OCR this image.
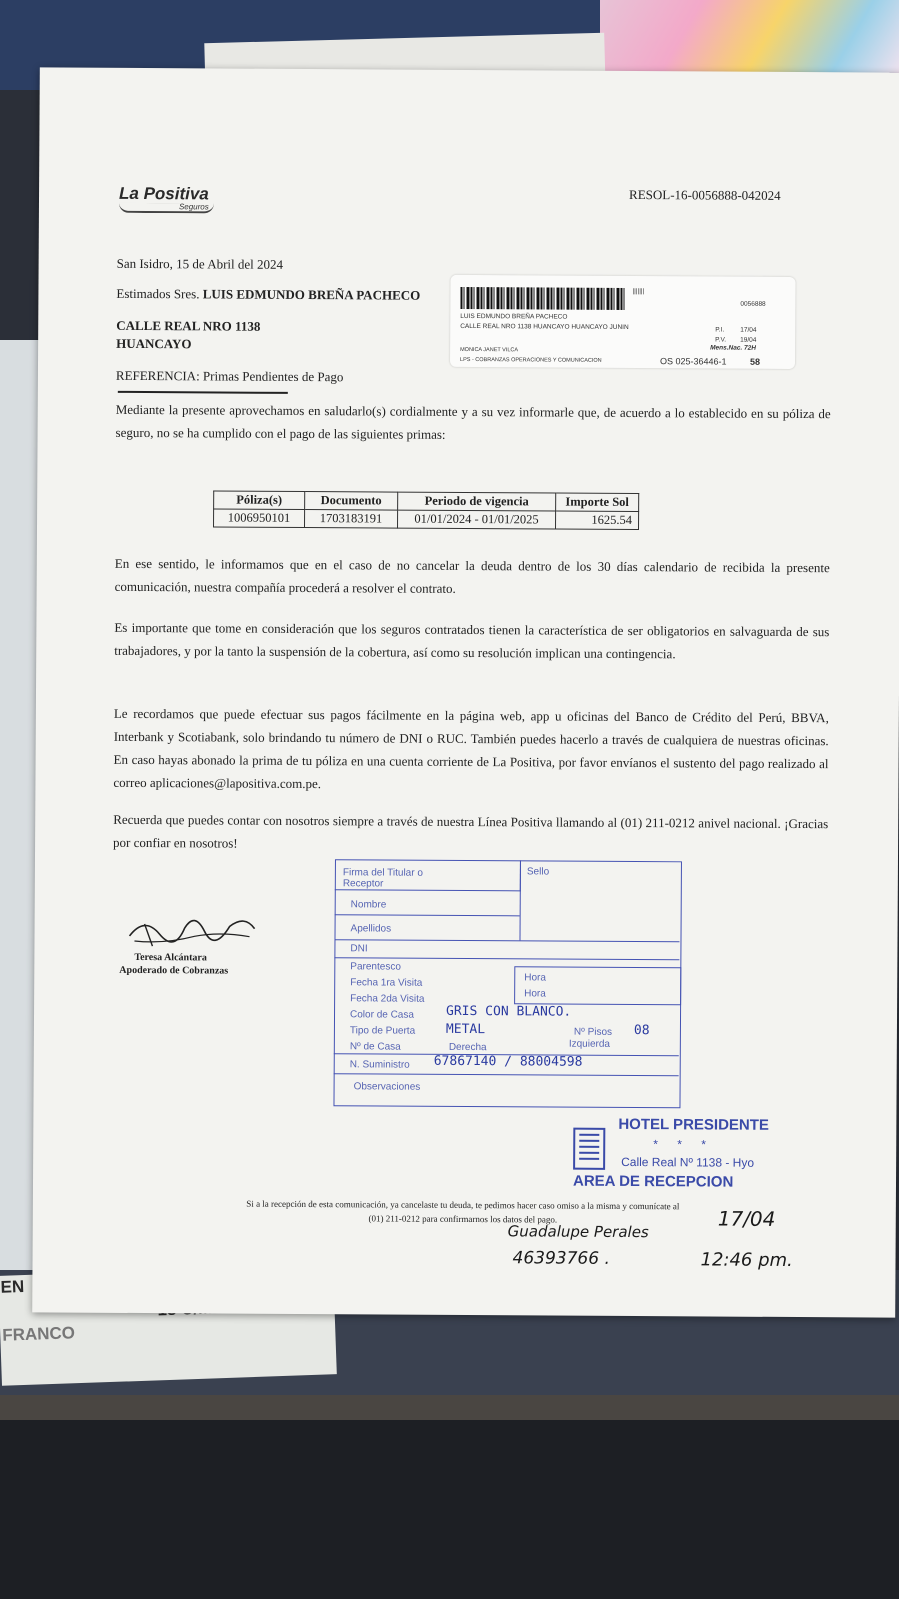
EN
FRANCO
La Positiva
Seguros
RESOL-16-0056888-042024
San Isidro, 15 de Abril del 2024
Estimados Sres. LUIS EDMUNDO BREÑA PACHECO
CALLE REAL NRO 1138
HUANCAYO
REFERENCIA: Primas Pendientes de Pago
|||||||
0056888
LUIS EDMUNDO BREÑA PACHECO
CALLE REAL NRO 1138 HUANCAYO HUANCAYO JUNIN	P.I. 17/04
P.V. 19/04
Mens.Nac. 72H
MONICA JANET VILCA
LPS - COBRANZAS OPERACIONES Y COMUNICACION	OS 025-36446-1	58
Mediante la presente aprovechamos en saludarlo(s) cordialmente y a su vez informarle que, de acuerdo a lo establecido en su póliza de seguro, no se ha cumplido con el pago de las siguientes primas:
Póliza(s)	Documento	Periodo de vigencia	Importe Sol
1006950101	1703183191	01/01/2024 - 01/01/2025	1625.54
En ese sentido, le informamos que en el caso de no cancelar la deuda dentro de los 30 días calendario de recibida la presente comunicación, nuestra compañía procederá a resolver el contrato.
Es importante que tome en consideración que los seguros contratados tienen la característica de ser obligatorios en salvaguarda de sus trabajadores, y por la tanto la suspensión de la cobertura, así como su resolución implican una contingencia.
Le recordamos que puede efectuar sus pagos fácilmente en la página web, app u oficinas del Banco de Crédito del Perú, BBVA, Interbank y Scotiabank, solo brindando tu número de DNI o RUC. También puedes hacerlo a través de cualquiera de nuestras oficinas. En caso hayas abonado la prima de tu póliza en una cuenta corriente de La Positiva, por favor envíanos el sustento del pago realizado al correo aplicaciones@lapositiva.com.pe.
Recuerda que puedes contar con nosotros siempre a través de nuestra Línea Positiva llamando al (01) 211-0212 anivel nacional. ¡Gracias por confiar en nosotros!
Teresa Alcántara
Apoderado de Cobranzas
Firma del Titular o Receptor
Sello
Nombre
Apellidos
DNI
Parentesco
Fecha 1ra Visita	Hora
Fecha 2da Visita	Hora
Color de Casa GRIS CON BLANCO.
Tipo de Puerta METAL	Nº Pisos 08
Nº de Casa	Derecha	Izquierda
N. Suministro 67867140 / 88004598
Observaciones
HOTEL PRESIDENTE
* * *
Calle Real Nº 1138 - Hyo
AREA DE RECEPCION
Si a la recepción de esta comunicación, ya cancelaste tu deuda, te pedimos hacer caso omiso a la misma y comunícate al
(01) 211-0212 para confirmarnos los datos del pago.
Guadalupe Perales
46393766 .
17/04
12:46 pm.
